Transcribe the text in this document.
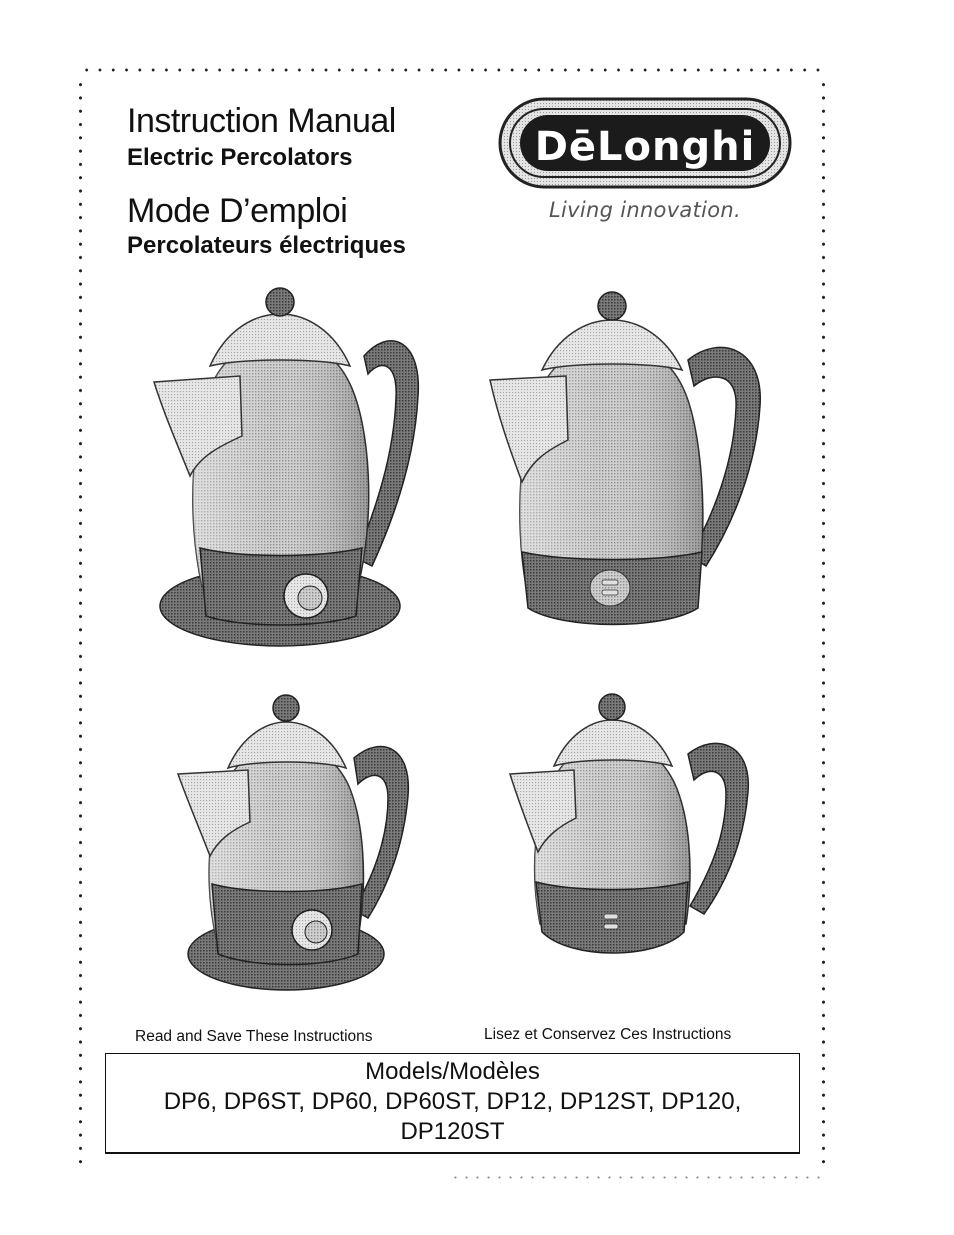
Instruction Manual
Electric Percolators
Mode D’emploi
Percolateurs électriques
DēLonghi
Living innovation.
Read and Save These Instructions	Lisez et Conservez Ces Instructions
Models/Modèles
DP6, DP6ST, DP60, DP60ST, DP12, DP12ST, DP120,
DP120ST
